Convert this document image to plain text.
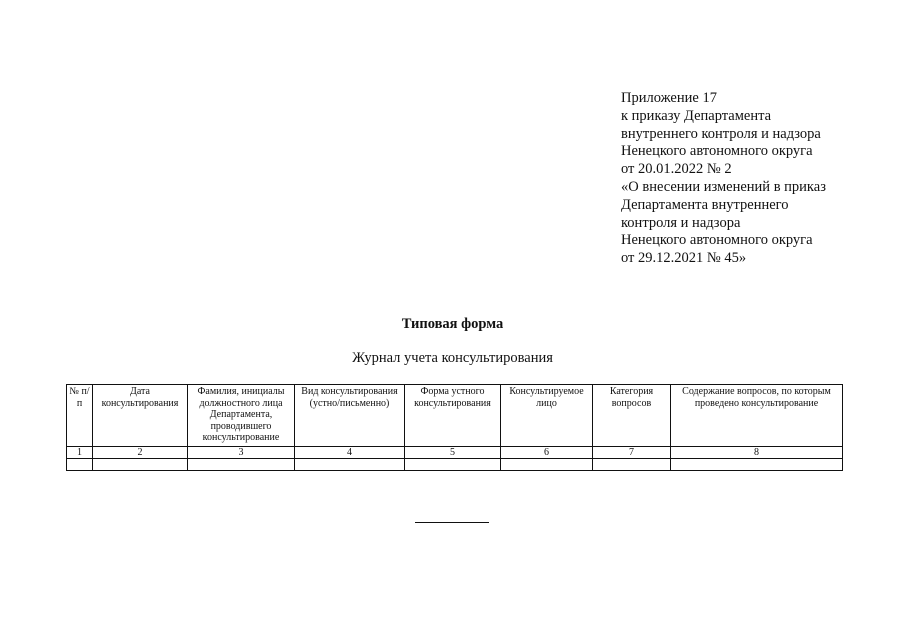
Приложение 17
к приказу Департамента
внутреннего контроля и надзора
Ненецкого автономного округа
от 20.01.2022 № 2
«О внесении изменений в приказ
Департамента внутреннего
контроля и надзора
Ненецкого автономного округа
от 29.12.2021 № 45»
Типовая форма
Журнал учета консультирования
№ п/п	Дата консультирования	Фамилия, инициалы должностного лица Департамента, проводившего консультирование	Вид консультирования (устно/письменно)	Форма устного консультирования	Консультируемое лицо	Категория вопросов	Содержание вопросов, по которым проведено консультирование
1	2	3	4	5	6	7	8
